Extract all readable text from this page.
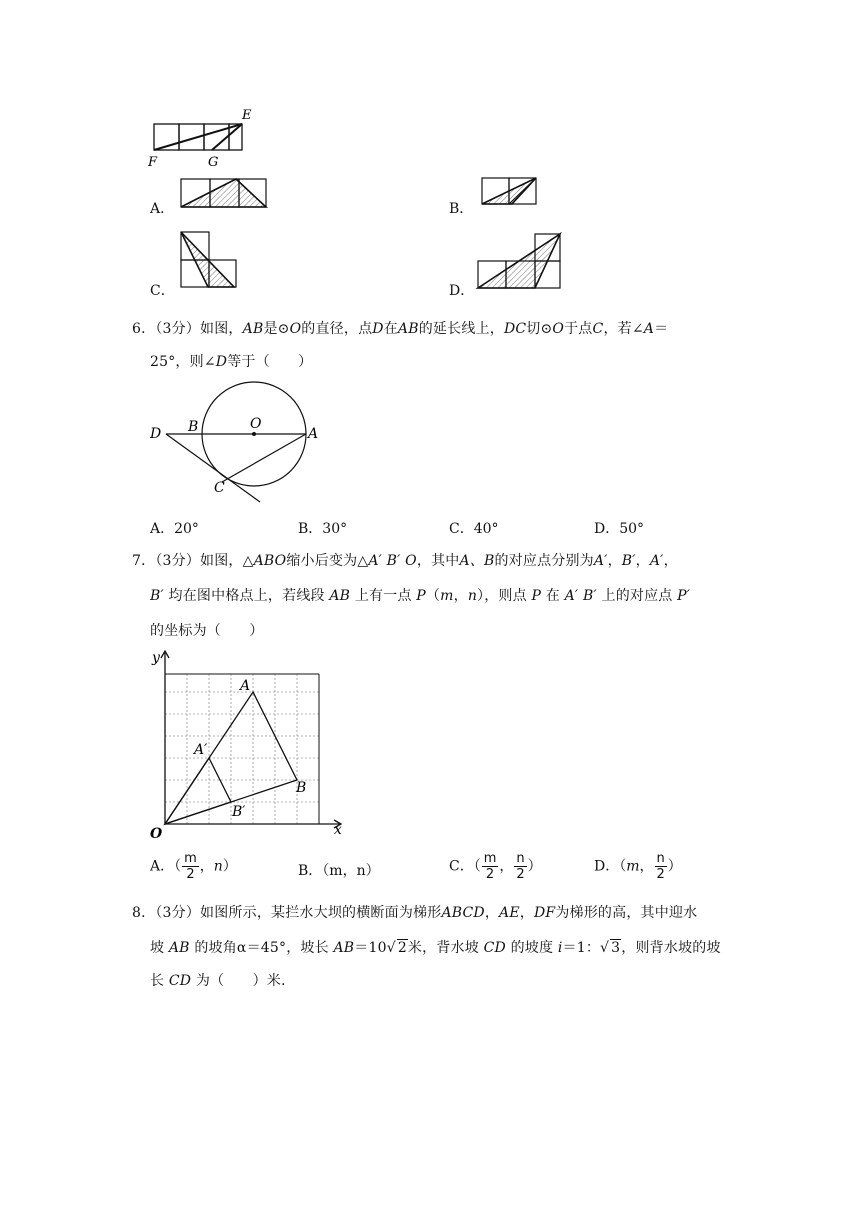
E
F	G
A．	B．
C．	D．
6．（3分）如图，AB是⊙O的直径，点D在AB的延长线上，DC切⊙O于点C，若∠A＝
25°，则∠D等于（　　）
D B	O
A
C
A．20°	B．30°	C．40°	D．50°
7．（3分）如图，△ABO缩小后变为△A′ B′ O，其中A、B的对应点分别为A′，B′，A′，
B′ 均在图中格点上，若线段 AB 上有一点 P（m，n），则点 P 在 A′ B′ 上的对应点 P′
的坐标为（　　）
y
x
O
A
B
A′
B′
A．（ $\frac{m}{2}$ ，n）	B．（m，n）	C．（ $\frac{m}{2}$ ， $\frac{n}{2}$ ）	D．（m， $\frac{n}{2}$ ）
8．（3分）如图所示，某拦水大坝的横断面为梯形ABCD，AE，DF为梯形的高，其中迎水
坡 AB 的坡角α＝45°，坡长 AB＝10√ 2米，背水坡 CD 的坡度 i＝1：√ 3，则背水坡的坡
长 CD 为（　　）米.
